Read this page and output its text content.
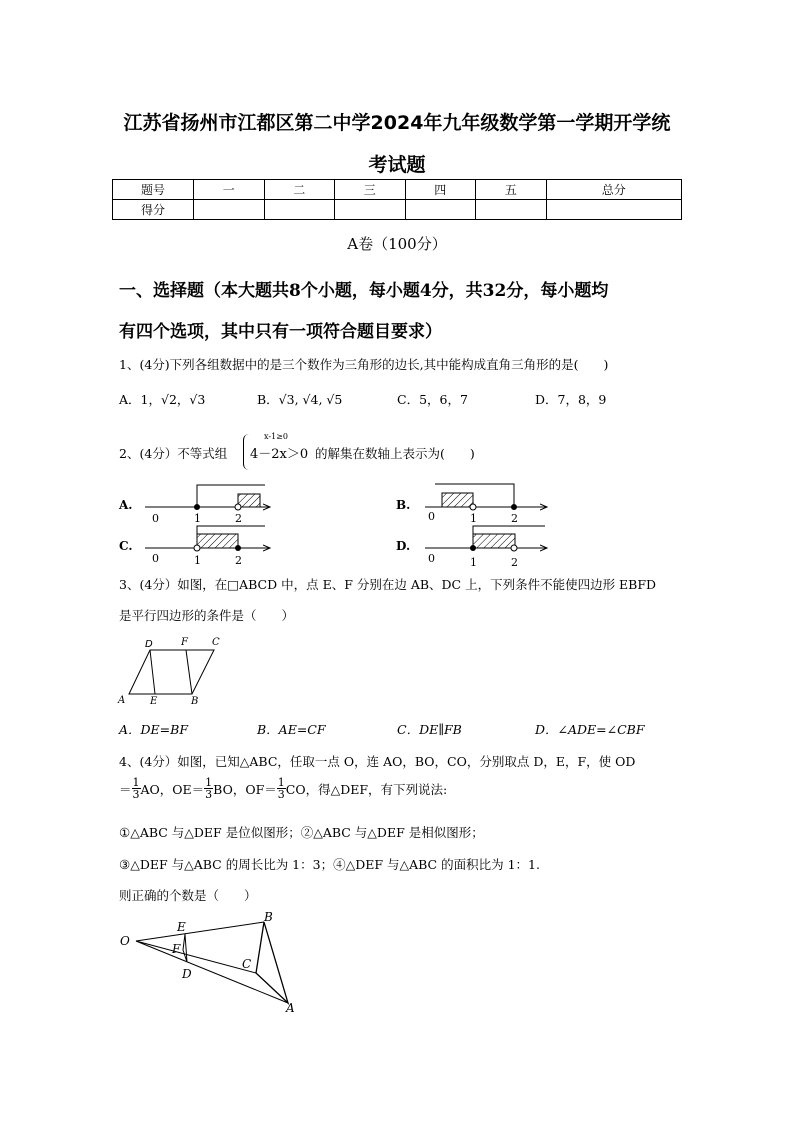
江苏省扬州市江都区第二中学2024年九年级数学第一学期开学统
考试题
题号	一	二	三	四	五	总分
得分						
A卷（100分）
一、选择题（本大题共8个小题，每小题4分，共32分，每小题均
有四个选项，其中只有一项符合题目要求）
1、(4分)下列各组数据中的是三个数作为三角形的边长,其中能构成直角三角形的是(　　)
A．1，√2，√3	B．√3, √4, √5	C．5，6，7	D．7，8，9
2、(4分）不等式组
x-1≥0
4－2x＞0 的解集在数轴上表示为(　　)
A.
0	1	2
B.
0	1	2
C.
0	1	2
D.
0	1	2
3、(4分）如图，在□ABCD 中，点 E、F 分别在边 AB、DC 上，下列条件不能使四边形 EBFD
是平行四边形的条件是（　　）
D	F C
A E	B
A．DE=BF	B．AE=CF	C．DE∥FB	D．∠ADE=∠CBF
4、(4分）如图，已知△ABC，任取一点 O，连 AO，BO，CO，分别取点 D，E，F，使 OD
＝ $\frac{1}{3}$ AO，$OE= \frac{1}{3}$ BO，$OF= \frac{1}{3}$ CO，得△DEF，有下列说法:
①△ABC 与△DEF 是位似图形；②△ABC 与△DEF 是相似图形；
③△DEF 与△ABC 的周长比为 1：3；④△DEF 与△ABC 的面积比为 1：1.
则正确的个数是（　　）
O
E
F
D
B
C
A
